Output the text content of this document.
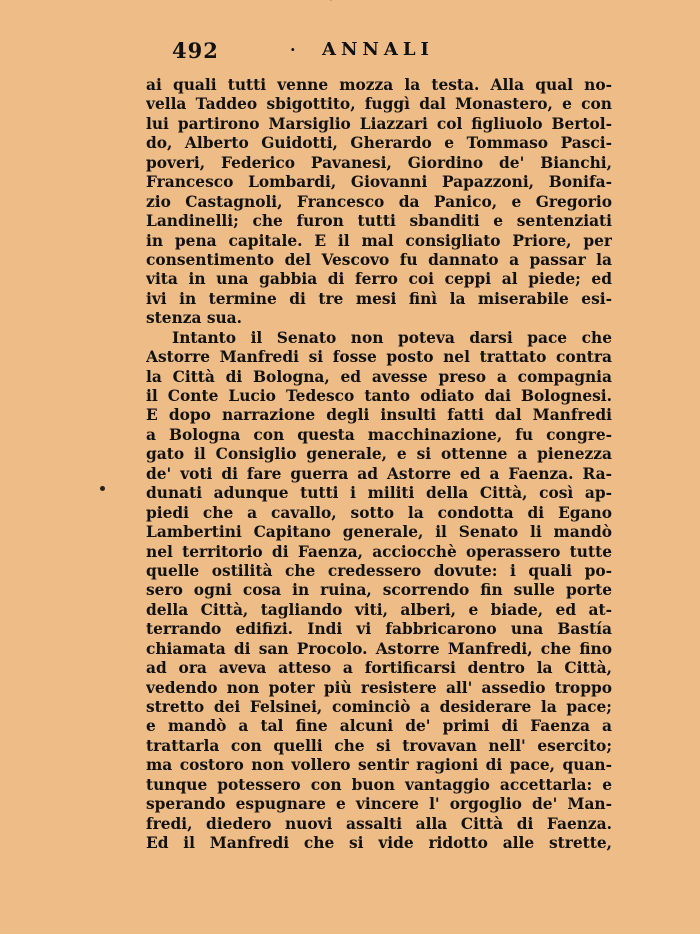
492	· ANNALI
ai quali tutti venne mozza la testa. Alla qual no-
vella Taddeo sbigottito, fuggì dal Monastero, e con
lui partirono Marsiglio Liazzari col figliuolo Bertol-
do, Alberto Guidotti, Gherardo e Tommaso Pasci-
poveri, Federico Pavanesi, Giordino de' Bianchi,
Francesco Lombardi, Giovanni Papazzoni, Bonifa-
zio Castagnoli, Francesco da Panico, e Gregorio
Landinelli; che furon tutti sbanditi e sentenziati
in pena capitale. E il mal consigliato Priore, per
consentimento del Vescovo fu dannato a passar la
vita in una gabbia di ferro coi ceppi al piede; ed
ivi in termine di tre mesi finì la miserabile esi-
stenza sua.
Intanto il Senato non poteva darsi pace che
Astorre Manfredi si fosse posto nel trattato contra
la Città di Bologna, ed avesse preso a compagnia
il Conte Lucio Tedesco tanto odiato dai Bolognesi.
E dopo narrazione degli insulti fatti dal Manfredi
a Bologna con questa macchinazione, fu congre-
gato il Consiglio generale, e si ottenne a pienezza
de' voti di fare guerra ad Astorre ed a Faenza. Ra-
dunati adunque tutti i militi della Città, così ap-
piedi che a cavallo, sotto la condotta di Egano
Lambertini Capitano generale, il Senato li mandò
nel territorio di Faenza, acciocchè operassero tutte
quelle ostilità che credessero dovute: i quali po-
sero ogni cosa in ruina, scorrendo fin sulle porte
della Città, tagliando viti, alberi, e biade, ed at-
terrando edifizi. Indi vi fabbricarono una Bastía
chiamata di san Procolo. Astorre Manfredi, che fino
ad ora aveva atteso a fortificarsi dentro la Città,
vedendo non poter più resistere all' assedio troppo
stretto dei Felsinei, cominciò a desiderare la pace;
e mandò a tal fine alcuni de' primi di Faenza a
trattarla con quelli che si trovavan nell' esercito;
ma costoro non vollero sentir ragioni di pace, quan-
tunque potessero con buon vantaggio accettarla: e
sperando espugnare e vincere l' orgoglio de' Man-
fredi, diedero nuovi assalti alla Città di Faenza.
Ed il Manfredi che si vide ridotto alle strette,
